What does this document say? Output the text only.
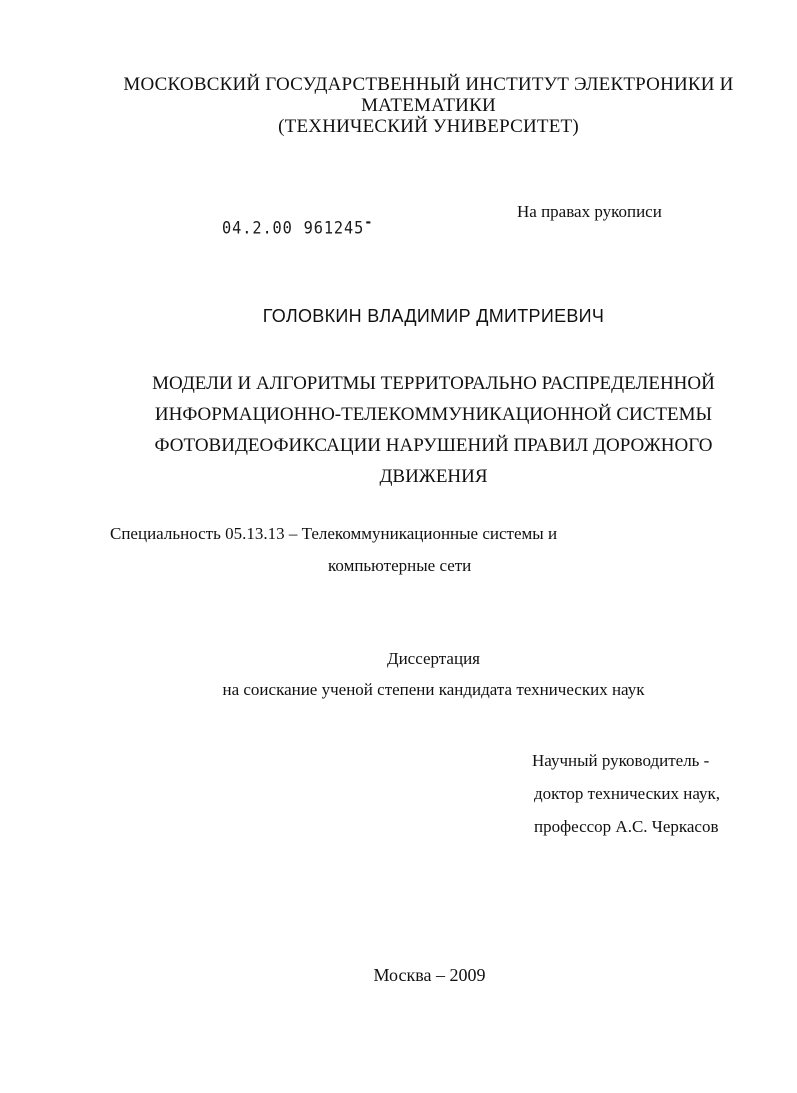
МОСКОВСКИЙ ГОСУДАРСТВЕННЫЙ ИНСТИТУТ ЭЛЕКТРОНИКИ И
МАТЕМАТИКИ
(ТЕХНИЧЕСКИЙ УНИВЕРСИТЕТ)
04.2.00 961245-
На правах рукописи
ГОЛОВКИН ВЛАДИМИР ДМИТРИЕВИЧ
МОДЕЛИ И АЛГОРИТМЫ ТЕРРИТОРАЛЬНО РАСПРЕДЕЛЕННОЙ
ИНФОРМАЦИОННО-ТЕЛЕКОММУНИКАЦИОННОЙ СИСТЕМЫ
ФОТОВИДЕОФИКСАЦИИ НАРУШЕНИЙ ПРАВИЛ ДОРОЖНОГО
ДВИЖЕНИЯ
Специальность 05.13.13 – Телекоммуникационные системы и
компьютерные сети
Диссертация
на соискание ученой степени кандидата технических наук
Научный руководитель -
доктор технических наук,
профессор А.С. Черкасов
Москва – 2009
